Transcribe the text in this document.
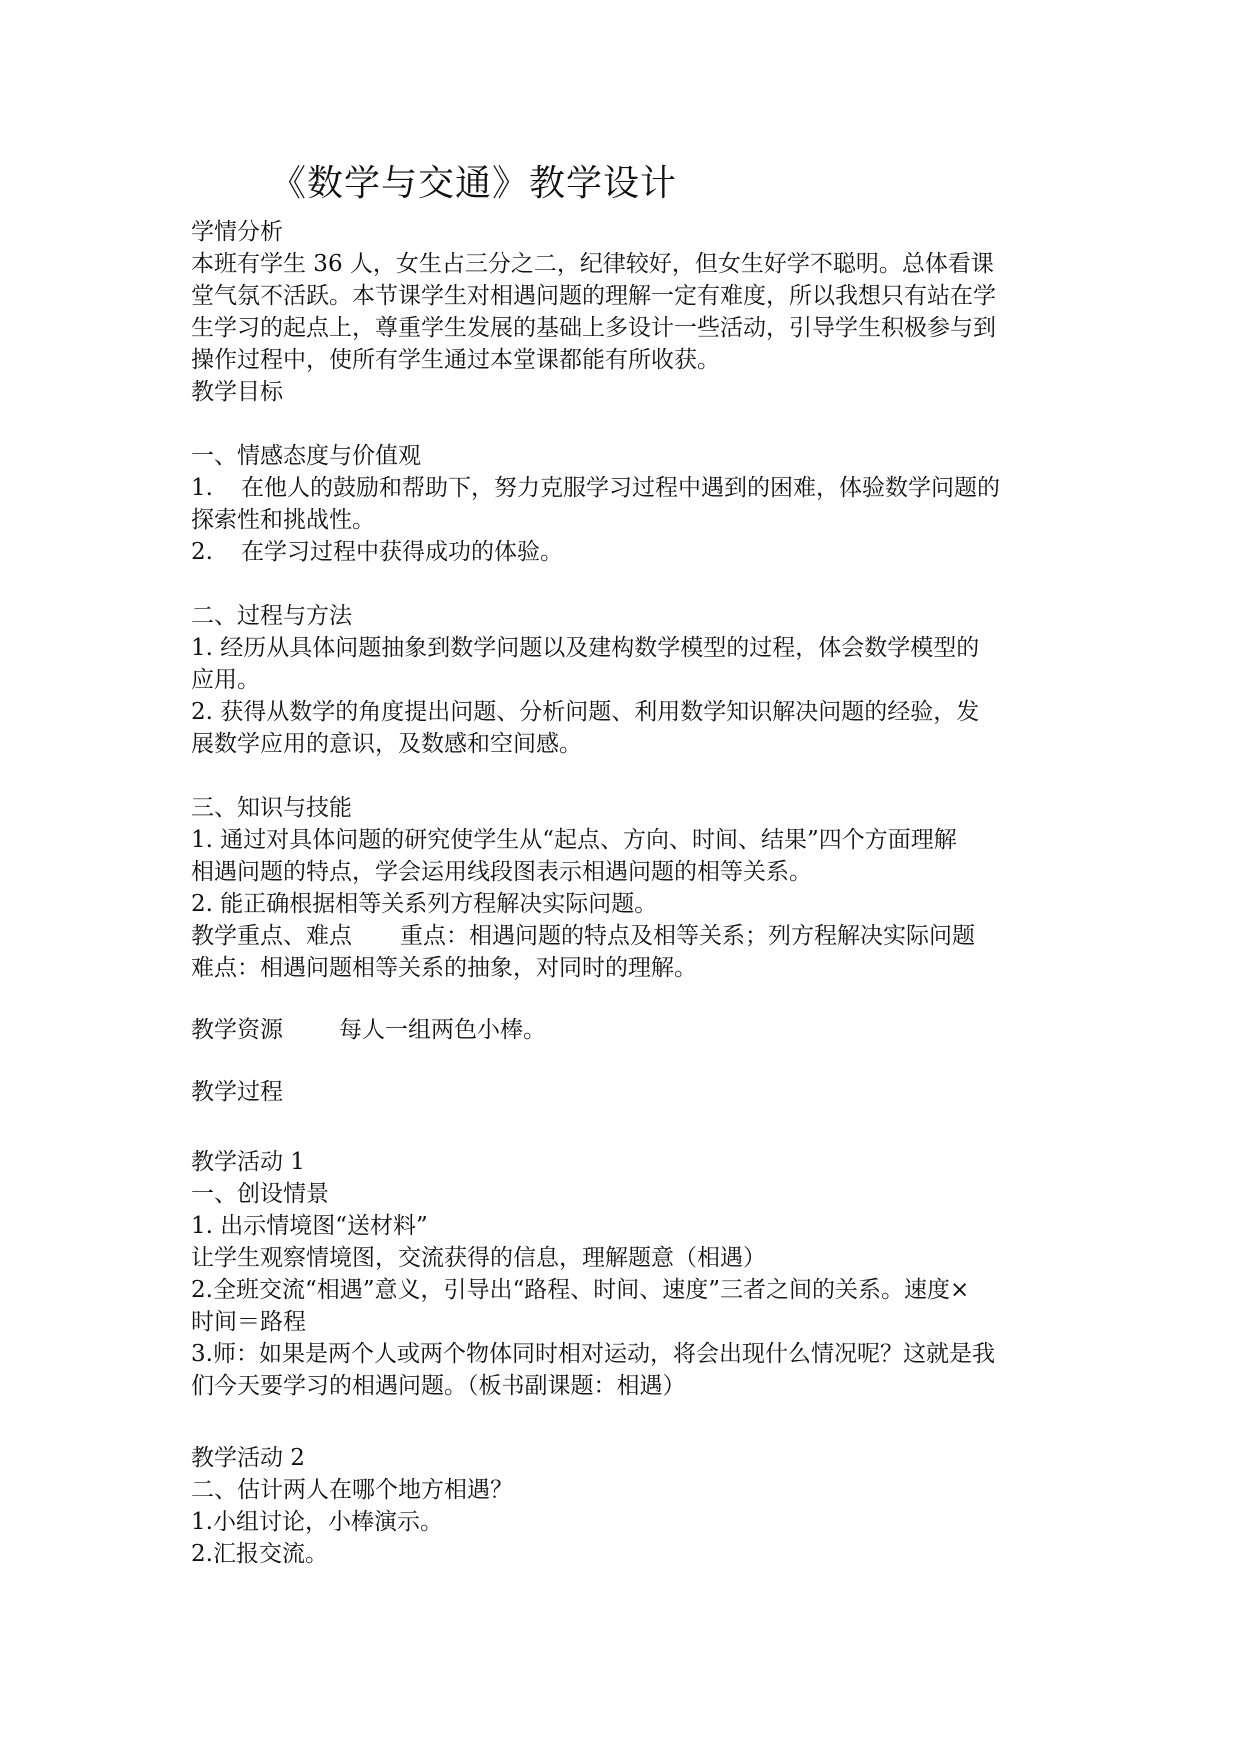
《数学与交通》教学设计
学情分析
本班有学生 36 人，女生占三分之二，纪律较好，但女生好学不聪明。总体看课
堂气氛不活跃。本节课学生对相遇问题的理解一定有难度，所以我想只有站在学
生学习的起点上，尊重学生发展的基础上多设计一些活动，引导学生积极参与到
操作过程中，使所有学生通过本堂课都能有所收获。
教学目标
一、情感态度与价值观
1. 在他人的鼓励和帮助下，努力克服学习过程中遇到的困难，体验数学问题的
探索性和挑战性。
2. 在学习过程中获得成功的体验。
二、过程与方法
1. 经历从具体问题抽象到数学问题以及建构数学模型的过程，体会数学模型的
应用。
2. 获得从数学的角度提出问题、分析问题、利用数学知识解决问题的经验，发
展数学应用的意识，及数感和空间感。
三、知识与技能
1. 通过对具体问题的研究使学生从“起点、方向、时间、结果”四个方面理解
相遇问题的特点，学会运用线段图表示相遇问题的相等关系。
2. 能正确根据相等关系列方程解决实际问题。
教学重点、难点 重点：相遇问题的特点及相等关系；列方程解决实际问题
难点：相遇问题相等关系的抽象，对同时的理解。
教学资源 每人一组两色小棒。
教学过程
教学活动 1
一、创设情景
1. 出示情境图“送材料”
让学生观察情境图，交流获得的信息，理解题意（相遇）
2.全班交流“相遇”意义，引导出“路程、时间、速度”三者之间的关系。速度×
时间＝路程
3.师：如果是两个人或两个物体同时相对运动，将会出现什么情况呢？这就是我
们今天要学习的相遇问题。（板书副课题：相遇）
教学活动 2
二、估计两人在哪个地方相遇？
1.小组讨论，小棒演示。
2.汇报交流。
